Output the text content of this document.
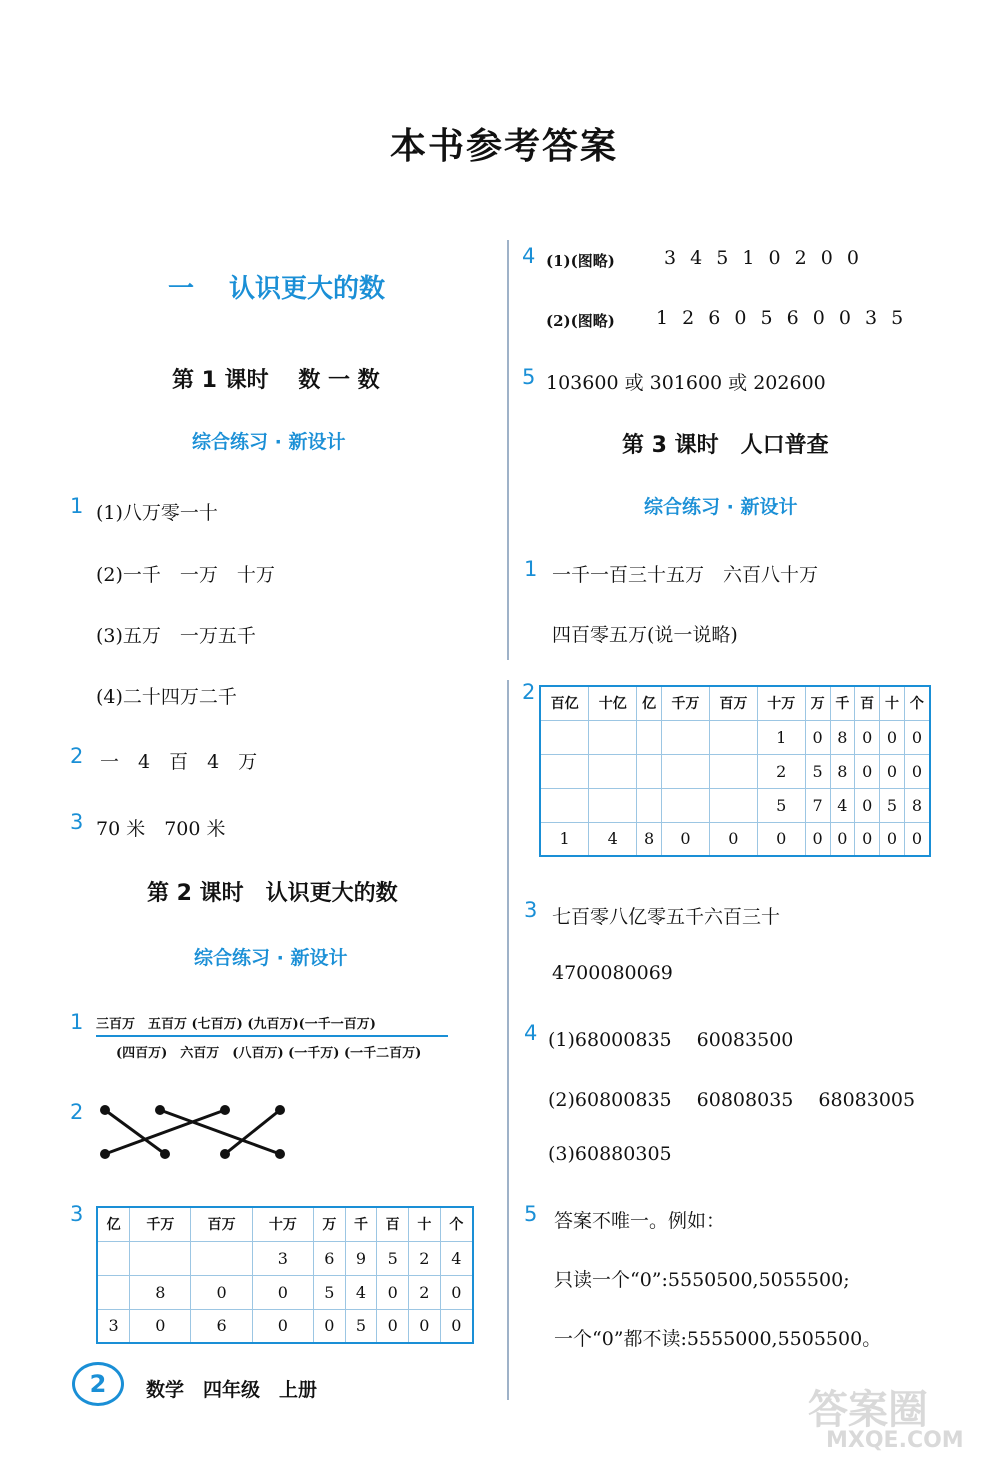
本书参考答案
一　 认识更大的数
第 1 课时　 数 一 数
综合练习 · 新设计
1 (1)八万零一十
(2)一千　一万　十万
(3)五万　一万五千
(4)二十四万二千
2 一　4　百　4　万
3 70 米　700 米
第 2 课时　认识更大的数
综合练习 · 新设计
1 三百万　五百万 (七百万) (九百万)(一千一百万)
(四百万)　六百万　(八百万) (一千万) (一千二百万)
2
3 亿	千万	百万	十万	万	千	百	十	个
			3	6	9	5	2	4
	8	0	0	5	4	0	2	0
3	0	6	0	0	5	0	0	0
4 (1)(图略)	3 4 5 1 0 2 0 0
(2)(图略) 1 2 6 0 5 6 0 0 3 5
5 103600 或 301600 或 202600
第 3 课时　人口普查
综合练习 · 新设计
1 一千一百三十五万　六百八十万
四百零五万(说一说略)
2
百亿	十亿	亿	千万	百万	十万	万	千	百	十	个
					1	0	8	0	0	0
					2	5	8	0	0	0
					5	7	4	0	5	8
1	4	8	0	0	0	0	0	0	0	0
3 七百零八亿零五千六百三十
4700080069
4 (1)68000835　 60083500
(2)60800835　 60808035　 68083005
(3)60880305
5 答案不唯一。例如：
只读一个“0”:5550500,5055500;
一个“0”都不读:5555000,5505500。
2	数学　四年级　上册	答案圈
MXQE.COM
